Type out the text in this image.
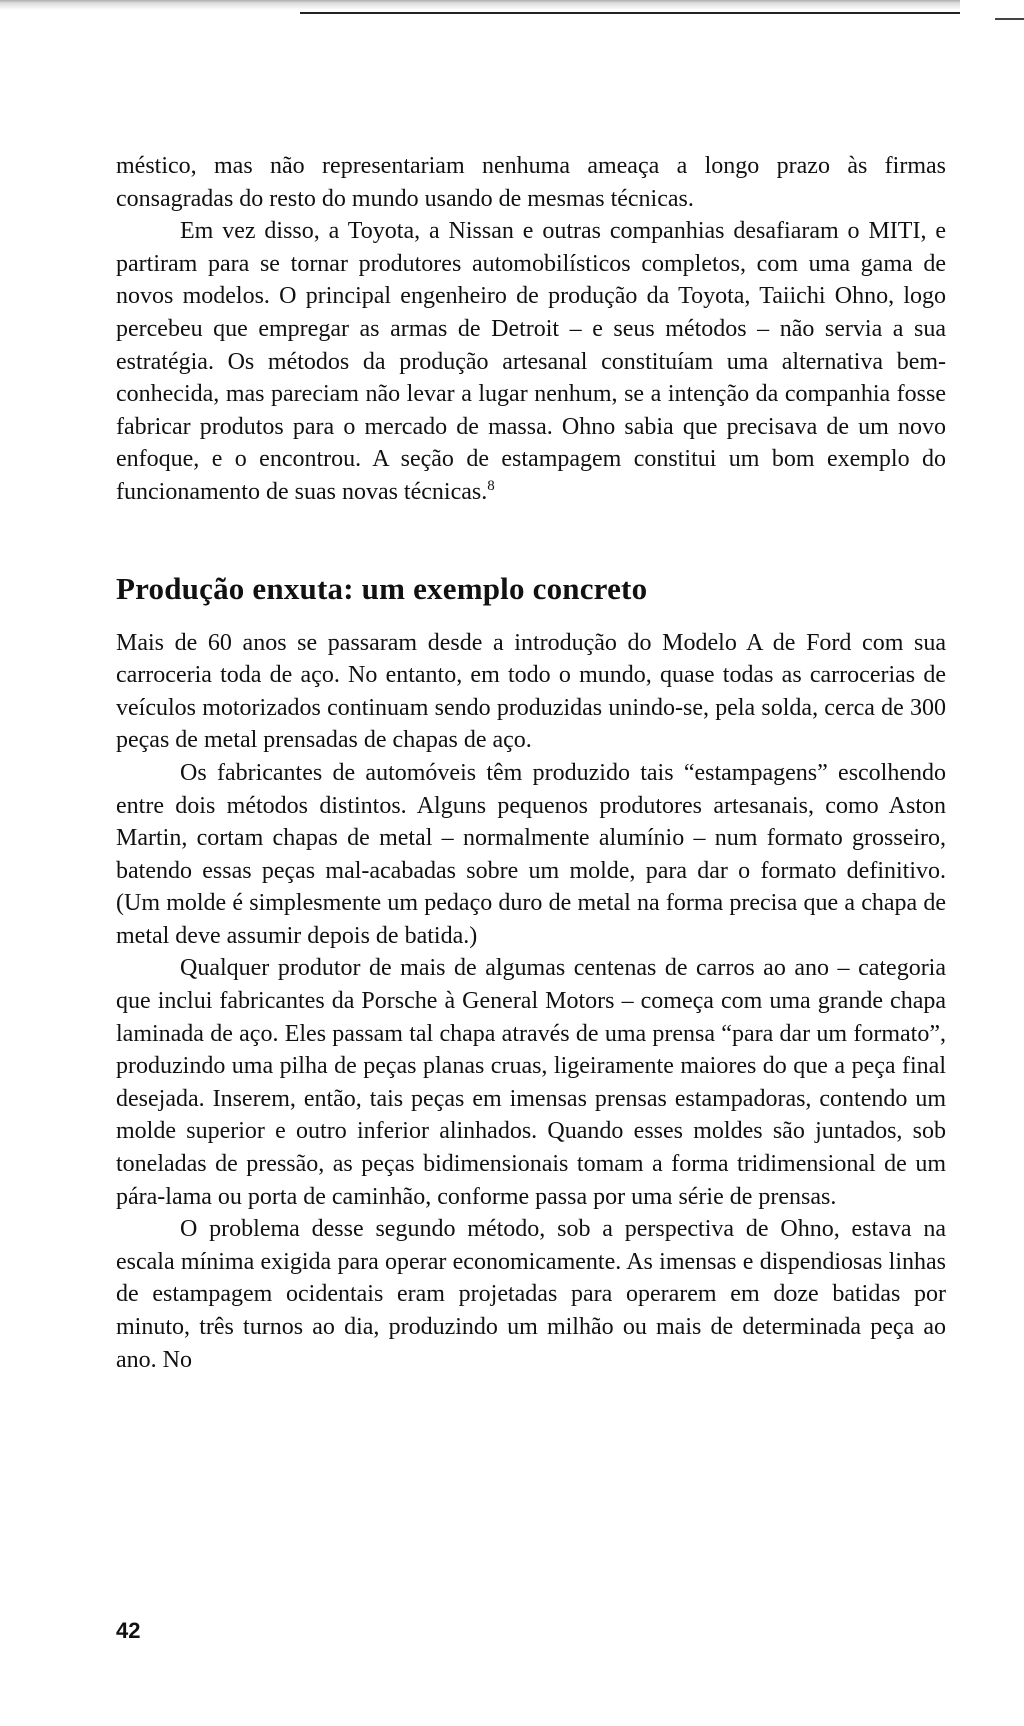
méstico, mas não representariam nenhuma ameaça a longo prazo às firmas consagradas do resto do mundo usando de mesmas técnicas.

Em vez disso, a Toyota, a Nissan e outras companhias desafiaram o MITI, e partiram para se tornar produtores automobilísticos completos, com uma gama de novos modelos. O principal engenheiro de produção da Toyota, Taiichi Ohno, logo percebeu que empregar as armas de Detroit – e seus métodos – não servia a sua estratégia. Os métodos da produção artesanal constituíam uma alternativa bem-conhecida, mas pareciam não levar a lugar nenhum, se a intenção da companhia fosse fabricar produtos para o mercado de massa. Ohno sabia que precisava de um novo enfoque, e o encontrou. A seção de estampagem constitui um bom exemplo do funcionamento de suas novas técnicas.$^8$

Produção enxuta: um exemplo concreto

Mais de 60 anos se passaram desde a introdução do Modelo A de Ford com sua carroceria toda de aço. No entanto, em todo o mundo, quase todas as carrocerias de veículos motorizados continuam sendo produzidas unindo-se, pela solda, cerca de 300 peças de metal prensadas de chapas de aço.

Os fabricantes de automóveis têm produzido tais “estampagens” escolhendo entre dois métodos distintos. Alguns pequenos produtores artesanais, como Aston Martin, cortam chapas de metal – normalmente alumínio – num formato grosseiro, batendo essas peças mal-acabadas sobre um molde, para dar o formato definitivo. (Um molde é simplesmente um pedaço duro de metal na forma precisa que a chapa de metal deve assumir depois de batida.)

Qualquer produtor de mais de algumas centenas de carros ao ano – categoria que inclui fabricantes da Porsche à General Motors – começa com uma grande chapa laminada de aço. Eles passam tal chapa através de uma prensa “para dar um formato”, produzindo uma pilha de peças planas cruas, ligeiramente maiores do que a peça final desejada. Inserem, então, tais peças em imensas prensas estampadoras, contendo um molde superior e outro inferior alinhados. Quando esses moldes são juntados, sob toneladas de pressão, as peças bidimensionais tomam a forma tridimensional de um pára-lama ou porta de caminhão, conforme passa por uma série de prensas.

O problema desse segundo método, sob a perspectiva de Ohno, estava na escala mínima exigida para operar economicamente. As imensas e dispendiosas linhas de estampagem ocidentais eram projetadas para operarem em doze batidas por minuto, três turnos ao dia, produzindo um milhão ou mais de determinada peça ao ano. No

42
